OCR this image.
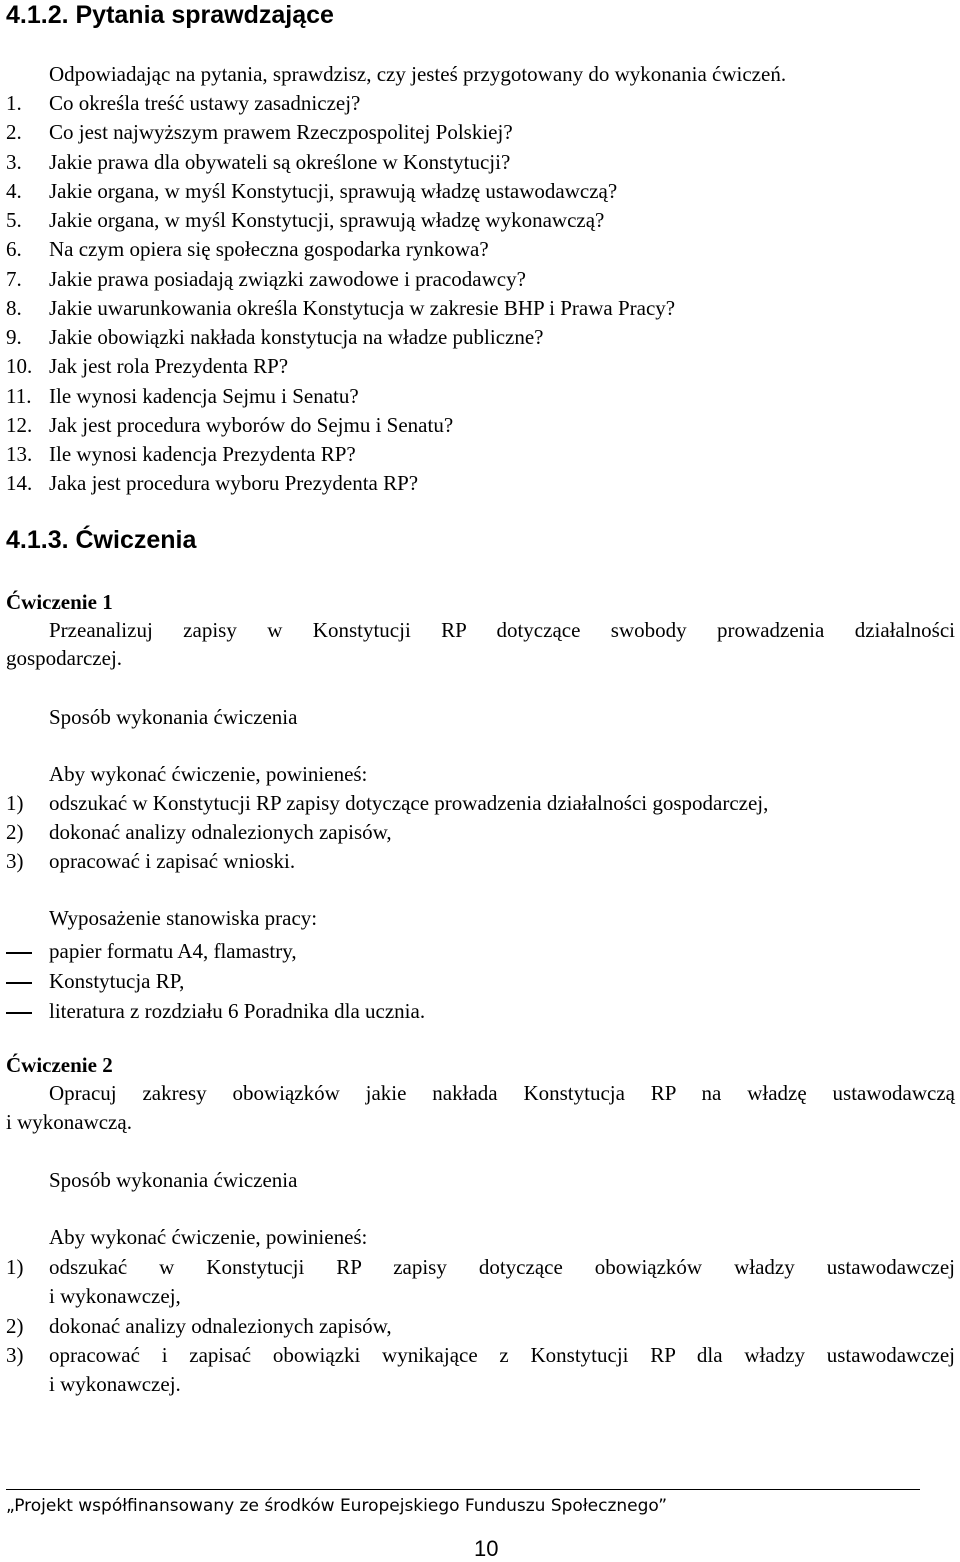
4.1.2. Pytania sprawdzające
Odpowiadając na pytania, sprawdzisz, czy jesteś przygotowany do wykonania ćwiczeń.
1. Co określa treść ustawy zasadniczej?
2. Co jest najwyższym prawem Rzeczpospolitej Polskiej?
3. Jakie prawa dla obywateli są określone w Konstytucji?
4. Jakie organa, w myśl Konstytucji, sprawują władzę ustawodawczą?
5. Jakie organa, w myśl Konstytucji, sprawują władzę wykonawczą?
6. Na czym opiera się społeczna gospodarka rynkowa?
7. Jakie prawa posiadają związki zawodowe i pracodawcy?
8. Jakie uwarunkowania określa Konstytucja w zakresie BHP i Prawa Pracy?
9. Jakie obowiązki nakłada konstytucja na władze publiczne?
10. Jak jest rola Prezydenta RP?
11. Ile wynosi kadencja Sejmu i Senatu?
12. Jak jest procedura wyborów do Sejmu i Senatu?
13. Ile wynosi kadencja Prezydenta RP?
14. Jaka jest procedura wyboru Prezydenta RP?
4.1.3. Ćwiczenia
Ćwiczenie 1
Przeanalizuj zapisy w Konstytucji RP dotyczące swobody prowadzenia działalności
gospodarczej.
Sposób wykonania ćwiczenia
Aby wykonać ćwiczenie, powinieneś:
1) odszukać w Konstytucji RP zapisy dotyczące prowadzenia działalności gospodarczej,
2) dokonać analizy odnalezionych zapisów,
3) opracować i zapisać wnioski.
Wyposażenie stanowiska pracy:
papier formatu A4, flamastry,
Konstytucja RP,
literatura z rozdziału 6 Poradnika dla ucznia.
Ćwiczenie 2
Opracuj zakresy obowiązków jakie nakłada Konstytucja RP na władzę ustawodawczą
i wykonawczą.
Sposób wykonania ćwiczenia
Aby wykonać ćwiczenie, powinieneś:
1) odszukać w Konstytucji RP zapisy dotyczące obowiązków władzy ustawodawczej
i wykonawczej,
2) dokonać analizy odnalezionych zapisów,
3) opracować i zapisać obowiązki wynikające z Konstytucji RP dla władzy ustawodawczej
i wykonawczej.
„Projekt współfinansowany ze środków Europejskiego Funduszu Społecznego”
10
